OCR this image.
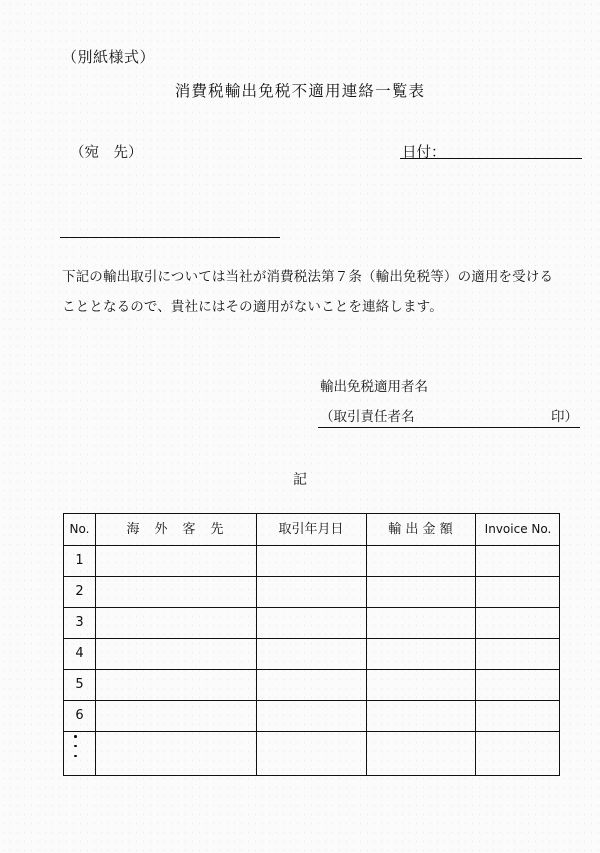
（別紙様式）
消費税輸出免税不適用連絡一覧表
（宛　先）	日付：
下記の輸出取引については当社が消費税法第７条（輸出免税等）の適用を受ける
こととなるので、貴社にはその適用がないことを連絡します。
輸出免税適用者名
（取引責任者名	印）
記
No.	海　外　客　先	取引年月日	輸 出 金 額	Invoice No.
1
2
3
4
5
6
